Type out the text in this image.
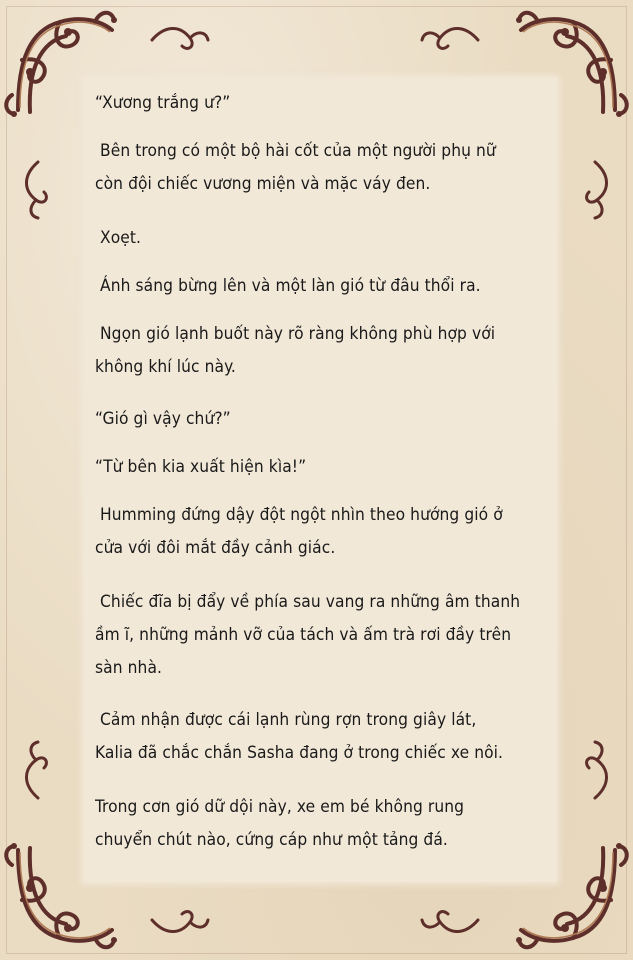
“Xương trắng ư?”

Bên trong có một bộ hài cốt của một người phụ nữ
còn đội chiếc vương miện và mặc váy đen.

Xoẹt.

Ánh sáng bừng lên và một làn gió từ đâu thổi ra.

Ngọn gió lạnh buốt này rõ ràng không phù hợp với
không khí lúc này.

“Gió gì vậy chứ?”

“Từ bên kia xuất hiện kìa!”

Humming đứng dậy đột ngột nhìn theo hướng gió ở
cửa với đôi mắt đầy cảnh giác.

Chiếc đĩa bị đẩy về phía sau vang ra những âm thanh
ầm ĩ, những mảnh vỡ của tách và ấm trà rơi đầy trên
sàn nhà.

Cảm nhận được cái lạnh rùng rợn trong giây lát,
Kalia đã chắc chắn Sasha đang ở trong chiếc xe nôi.

Trong cơn gió dữ dội này, xe em bé không rung
chuyển chút nào, cứng cáp như một tảng đá.
